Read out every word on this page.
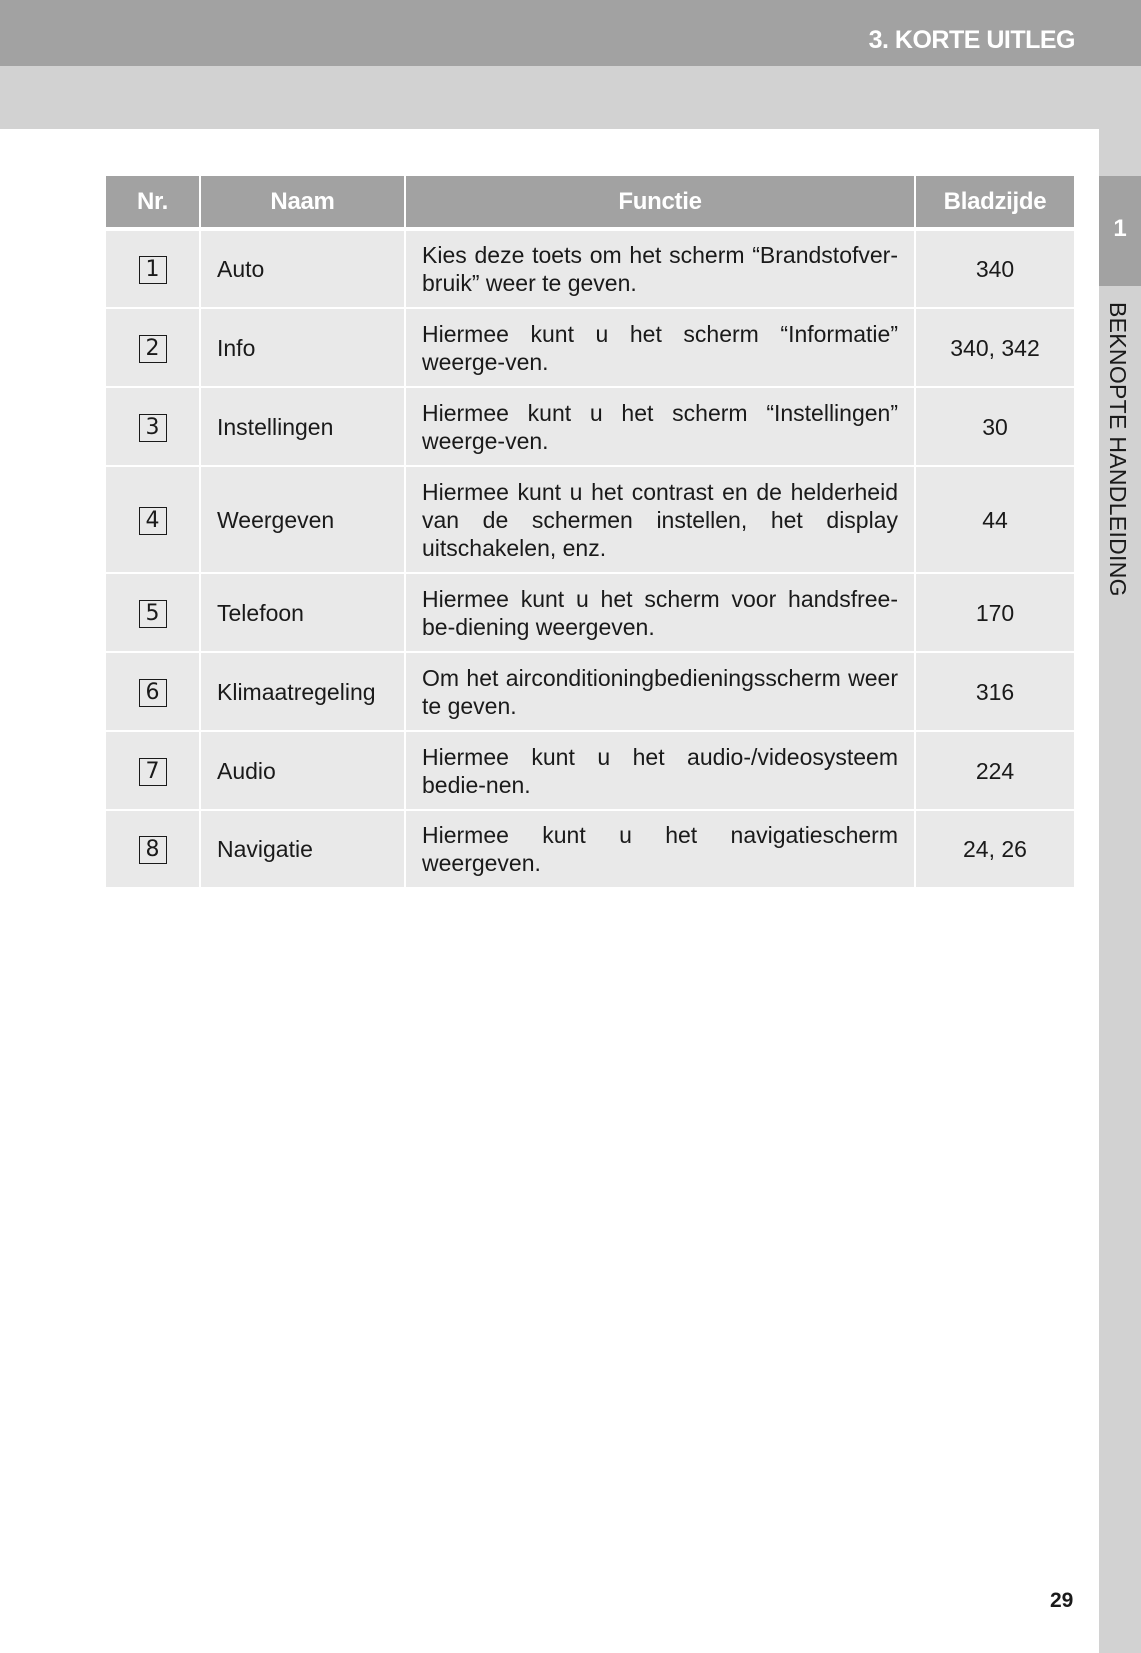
3. KORTE UITLEG
1
BEKNOPTE HANDLEIDING
Nr.	Naam	Functie	Bladzijde
1	Auto	Kies deze toets om het scherm “Brandstofver-bruik” weer te geven.	340
2	Info	Hiermee kunt u het scherm “Informatie” weerge-ven.	340, 342
3	Instellingen	Hiermee kunt u het scherm “Instellingen” weerge-ven.	30
4	Weergeven	Hiermee kunt u het contrast en de helderheid van de schermen instellen, het display uitschakelen, enz.	44
5	Telefoon	Hiermee kunt u het scherm voor handsfree-be-diening weergeven.	170
6	Klimaatregeling	Om het airconditioningbedieningsscherm weer te geven.	316
7	Audio	Hiermee kunt u het audio-/videosysteem bedie-nen.	224
8	Navigatie	Hiermee kunt u het navigatiescherm weergeven.	24, 26
29
